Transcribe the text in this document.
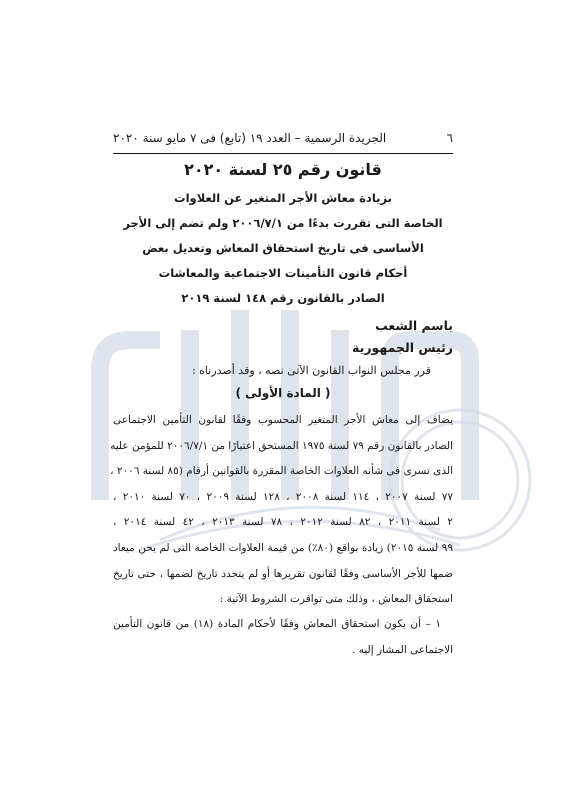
٦
الجريدة الرسمية – العدد ١٩ (تابع) فى ٧ مايو سنة ٢٠٢٠
قانون رقم ٢٥ لسنة ٢٠٢٠
بزيادة معاش الأجر المتغير عن العلاوات
الخاصة التى تقررت بدءًا من ٢٠٠٦/٧/١ ولم تضم إلى الأجر
الأساسى فى تاريخ استحقاق المعاش وتعديل بعض
أحكام قانون التأمينات الاجتماعية والمعاشات
الصادر بالقانون رقم ١٤٨ لسنة ٢٠١٩
باسم الشعب
رئيس الجمهورية
قرر مجلس النواب القانون الآتى نصه ، وقد أصدرناه :
( المادة الأولى )
يضاف إلى معاش الأجر المتغير المحسوب وفقًا لقانون التأمين الاجتماعى
الصادر بالقانون رقم ٧٩ لسنة ١٩٧٥ المستحق اعتبارًا من ٢٠٠٦/٧/١ للمؤمن عليه
الذى تسرى فى شأنه العلاوات الخاصة المقررة بالقوانين أرقام (٨٥ لسنة ٢٠٠٦ ،
٧٧ لسنة ٢٠٠٧ ، ١١٤ لسنة ٢٠٠٨ ، ١٢٨ لسنة ٢٠٠٩ ، ٧٠ لسنة ٢٠١٠ ،
٢ لسنة ٢٠١١ ، ٨٢ لسنة ٢٠١٢ ، ٧٨ لسنة ٢٠١٣ ، ٤٢ لسنة ٢٠١٤ ،
٩٩ لسنة ٢٠١٥) زيادة بواقع (٨٠٪) من قيمة العلاوات الخاصة التى لم يحن ميعاد
ضمها للأجر الأساسى وفقًا لقانون تقريرها أو لم يتحدد تاريخ لضمها ، حتى تاريخ
استحقاق المعاش ، وذلك متى توافرت الشروط الآتية :
١ – أن يكون استحقاق المعاش وفقًا لأحكام المادة (١٨) من قانون التأمين
الاجتماعى المشار إليه .
